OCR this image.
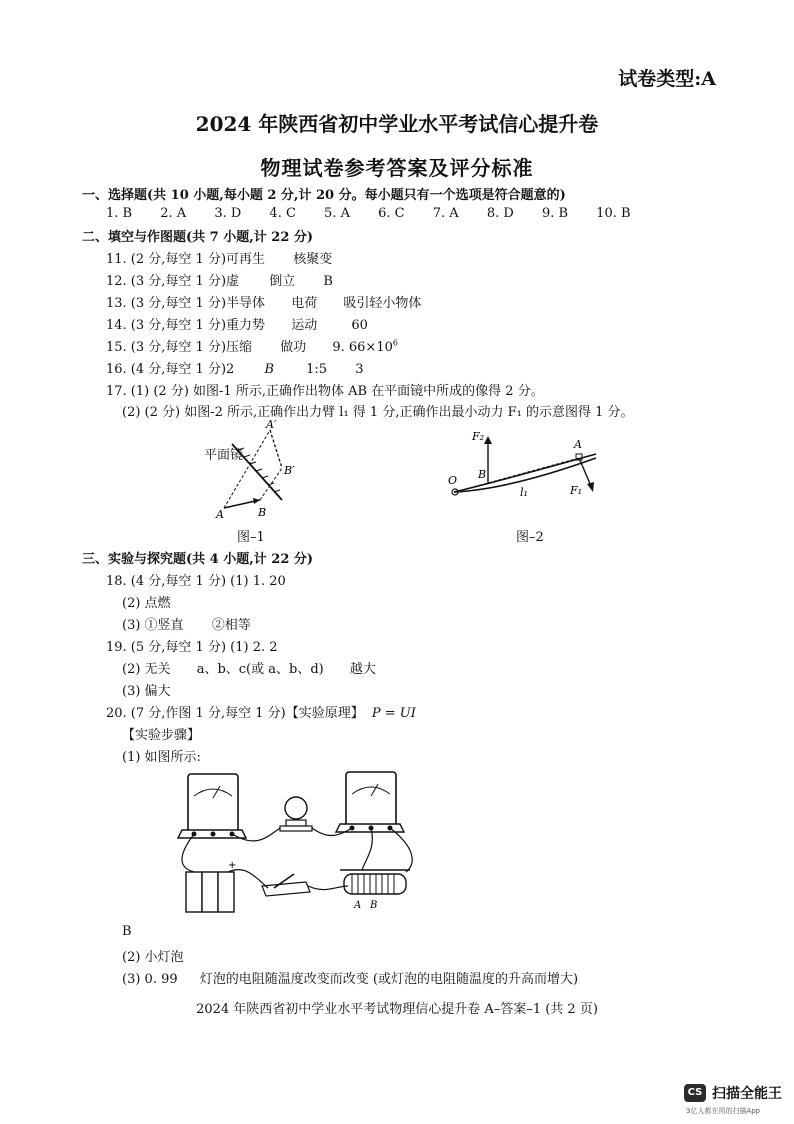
试卷类型:A
2024 年陕西省初中学业水平考试信心提升卷
物理试卷参考答案及评分标准
一、选择题(共 10 小题,每小题 2 分,计 20 分。每小题只有一个选项是符合题意的)
1. B 2. A 3. D 4. C 5. A 6. C 7. A 8. D 9. B 10. B
二、填空与作图题(共 7 小题,计 22 分)
11. (2 分,每空 1 分)可再生 核聚变
12. (3 分,每空 1 分)虚 倒立 B
13. (3 分,每空 1 分)半导体 电荷 吸引轻小物体
14. (3 分,每空 1 分)重力势 运动	60
15. (3 分,每空 1 分)压缩 做功 9. $66\times 10^6$
16. (4 分,每空 1 分)2 B 1:5 3
17. (1) (2 分) 如图-1 所示,正确作出物体 AB 在平面镜中所成的像得 2 分。
(2) (2 分) 如图-2 所示,正确作出力臂 l₁ 得 1 分,正确作出最小动力 F₁ 的示意图得 1 分。
A′
B′
A	B
平面镜
图–1
F₂
A
B
O
l₁	F₁
图–2
三、实验与探究题(共 4 小题,计 22 分)
18. (4 分,每空 1 分) (1) 1. 20
(2) 点燃
(3) ①竖直 ②相等
19. (5 分,每空 1 分) (1) 2. 2
(2) 无关 a、b、c(或 a、b、d) 越大
(3) 偏大
20. (7 分,作图 1 分,每空 1 分)【实验原理】 P = UI
【实验步骤】
(1) 如图所示:
+
A B
B
(2) 小灯泡
(3) 0. 99 灯泡的电阻随温度改变而改变 (或灯泡的电阻随温度的升高而增大)
2024 年陕西省初中学业水平考试物理信心提升卷 A–答案–1 (共 2 页)
CS 扫描全能王
3亿人都在用的扫描App
